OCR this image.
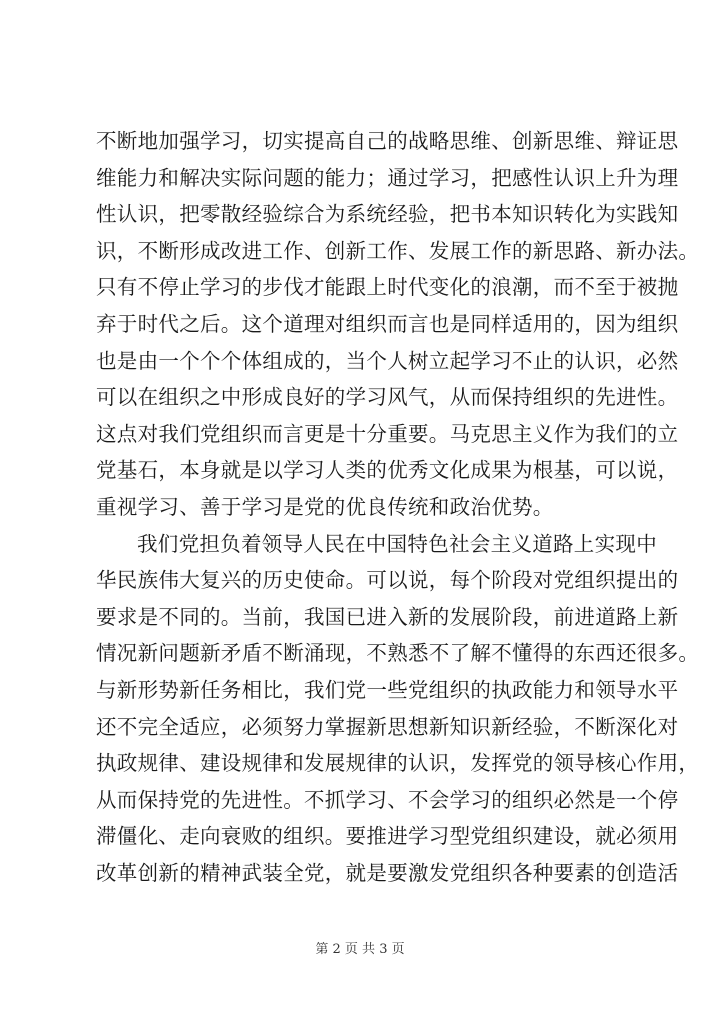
不断地加强学习，切实提高自己的战略思维、创新思维、辩证思
维能力和解决实际问题的能力；通过学习，把感性认识上升为理
性认识，把零散经验综合为系统经验，把书本知识转化为实践知
识，不断形成改进工作、创新工作、发展工作的新思路、新办法。
只有不停止学习的步伐才能跟上时代变化的浪潮，而不至于被抛
弃于时代之后。这个道理对组织而言也是同样适用的，因为组织
也是由一个个个体组成的，当个人树立起学习不止的认识，必然
可以在组织之中形成良好的学习风气，从而保持组织的先进性。
这点对我们党组织而言更是十分重要。马克思主义作为我们的立
党基石，本身就是以学习人类的优秀文化成果为根基，可以说，
重视学习、善于学习是党的优良传统和政治优势。
我们党担负着领导人民在中国特色社会主义道路上实现中
华民族伟大复兴的历史使命。可以说，每个阶段对党组织提出的
要求是不同的。当前，我国已进入新的发展阶段，前进道路上新
情况新问题新矛盾不断涌现，不熟悉不了解不懂得的东西还很多。
与新形势新任务相比，我们党一些党组织的执政能力和领导水平
还不完全适应，必须努力掌握新思想新知识新经验，不断深化对
执政规律、建设规律和发展规律的认识，发挥党的领导核心作用，
从而保持党的先进性。不抓学习、不会学习的组织必然是一个停
滞僵化、走向衰败的组织。要推进学习型党组织建设，就必须用
改革创新的精神武装全党，就是要激发党组织各种要素的创造活
第 2 页 共 3 页
